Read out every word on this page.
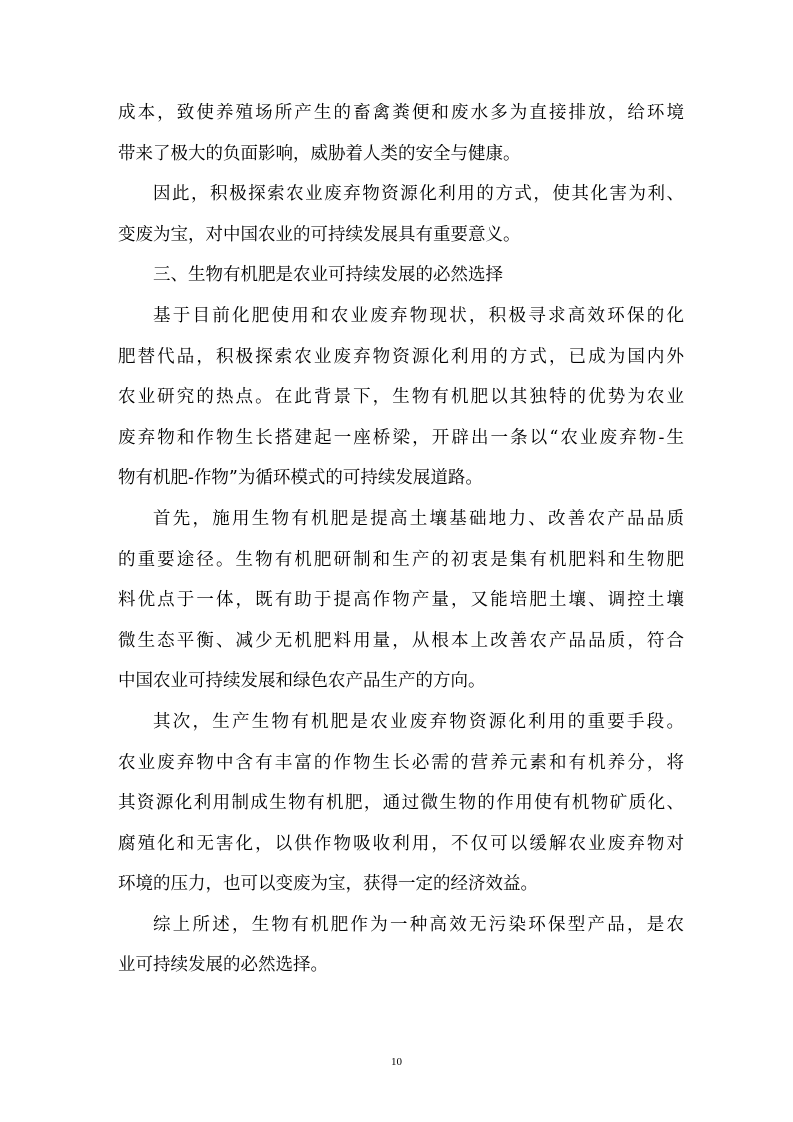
成本，致使养殖场所产生的畜禽粪便和废水多为直接排放，给环境
带来了极大的负面影响，威胁着人类的安全与健康。
因此，积极探索农业废弃物资源化利用的方式，使其化害为利、
变废为宝，对中国农业的可持续发展具有重要意义。
三、生物有机肥是农业可持续发展的必然选择
基于目前化肥使用和农业废弃物现状，积极寻求高效环保的化
肥替代品，积极探索农业废弃物资源化利用的方式，已成为国内外
农业研究的热点。在此背景下，生物有机肥以其独特的优势为农业
废弃物和作物生长搭建起一座桥梁，开辟出一条以“农业废弃物-生
物有机肥-作物”为循环模式的可持续发展道路。
首先，施用生物有机肥是提高土壤基础地力、改善农产品品质
的重要途径。生物有机肥研制和生产的初衷是集有机肥料和生物肥
料优点于一体，既有助于提高作物产量，又能培肥土壤、调控土壤
微生态平衡、减少无机肥料用量，从根本上改善农产品品质，符合
中国农业可持续发展和绿色农产品生产的方向。
其次，生产生物有机肥是农业废弃物资源化利用的重要手段。
农业废弃物中含有丰富的作物生长必需的营养元素和有机养分，将
其资源化利用制成生物有机肥，通过微生物的作用使有机物矿质化、
腐殖化和无害化，以供作物吸收利用，不仅可以缓解农业废弃物对
环境的压力，也可以变废为宝，获得一定的经济效益。
综上所述，生物有机肥作为一种高效无污染环保型产品，是农
业可持续发展的必然选择。
10
